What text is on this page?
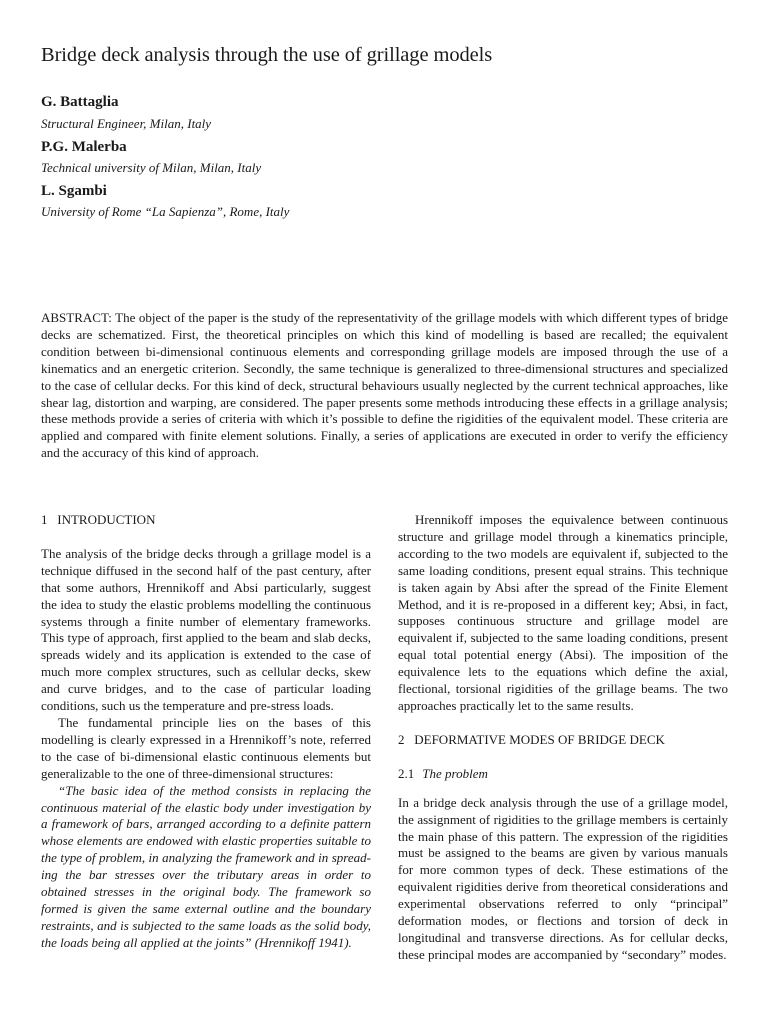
Bridge deck analysis through the use of grillage models
G. Battaglia
Structural Engineer, Milan, Italy
P.G. Malerba
Technical university of Milan, Milan, Italy
L. Sgambi
University of Rome “La Sapienza”, Rome, Italy

ABSTRACT: The object of the paper is the study of the representativity of the grillage models with which different types of bridge decks are schematized. First, the theoretical principles on which this kind of modelling is based are recalled; the equivalent condition between bi-dimensional continuous elements and corresponding grillage models are imposed through the use of a kinematics and an energetic criterion. Secondly, the same technique is generalized to three-dimensional structures and specialized to the case of cellular decks. For this kind of deck, structural behaviours usually neglected by the current technical approaches, like shear lag, distortion and warping, are considered. The paper presents some methods introducing these effects in a grillage analysis; these methods provide a series of criteria with which it’s possible to define the rigidities of the equivalent model. These criteria are applied and compared with finite element solutions. Finally, a series of applications are executed in order to verify the efficiency and the accuracy of this kind of approach.

1 INTRODUCTION

The analysis of the bridge decks through a grillage model is a technique diffused in the second half of the past century, after that some authors, Hrennikoff and Absi particularly, suggest the idea to study the elastic problems modelling the continuous systems through a finite number of elementary frameworks. This type of approach, first applied to the beam and slab decks, spreads widely and its application is extended to the case of much more complex structures, such as cellular decks, skew and curve bridges, and to the case of particular loading conditions, such us the temperature and pre-stress loads.

The fundamental principle lies on the bases of this modelling is clearly expressed in a Hrennikoff’s note, referred to the case of bi-dimensional elastic continuous elements but generalizable to the one of three-dimensional structures:

“The basic idea of the method consists in replacing the continuous material of the elastic body under investigation by a framework of bars, arranged according to a definite pattern whose elements are endowed with elastic properties suitable to the type of problem, in analyzing the framework and in spreading the bar stresses over the tributary areas in order to obtained stresses in the original body. The framework so formed is given the same external outline and the boundary restraints, and is subjected to the same loads as the solid body, the loads being all applied at the joints” (Hrennikoff 1941).

Hrennikoff imposes the equivalence between continuous structure and grillage model through a kinematics principle, according to the two models are equivalent if, subjected to the same loading conditions, present equal strains. This technique is taken again by Absi after the spread of the Finite Element Method, and it is re-proposed in a different key; Absi, in fact, supposes continuous structure and grillage model are equivalent if, subjected to the same loading conditions, present equal total potential energy (Absi). The imposition of the equivalence lets to the equations which define the axial, flectional, torsional rigidities of the grillage beams. The two approaches practically let to the same results.

2 DEFORMATIVE MODES OF BRIDGE DECK
2.1 The problem

In a bridge deck analysis through the use of a grillage model, the assignment of rigidities to the grillage members is certainly the main phase of this pattern. The expression of the rigidities must be assigned to the beams are given by various manuals for more common types of deck. These estimations of the equivalent rigidities derive from theoretical considerations and experimental observations referred to only “principal” deformation modes, or flections and torsion of deck in longitudinal and transverse directions. As for cellular decks, these principal modes are accompanied by “secondary” modes.
